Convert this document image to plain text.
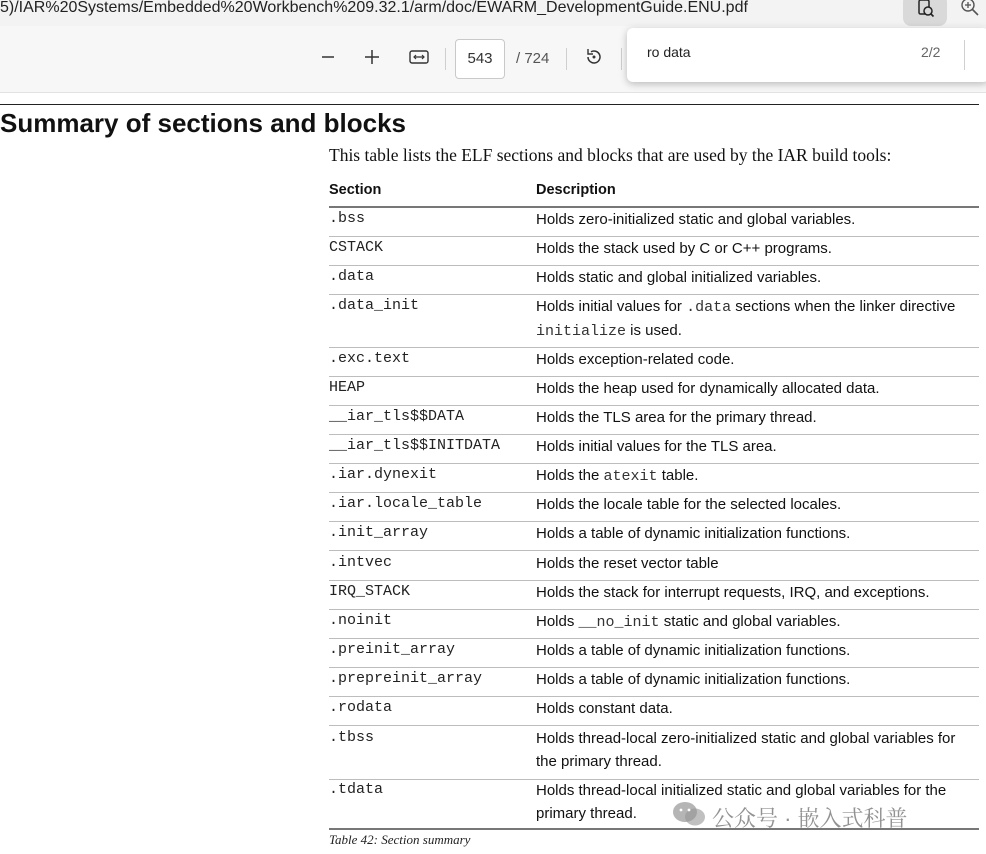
5)/IAR%20Systems/Embedded%20Workbench%209.32.1/arm/doc/EWARM_DevelopmentGuide.ENU.pdf
543	/ 724	ro data	2/2
Summary of sections and blocks
This table lists the ELF sections and blocks that are used by the IAR build tools:
Section	Description
.bss	Holds zero-initialized static and global variables.
CSTACK	Holds the stack used by C or C++ programs.
.data	Holds static and global initialized variables.
.data_init	Holds initial values for .data sections when the linker directive initialize is used.
.exc.text	Holds exception-related code.
HEAP	Holds the heap used for dynamically allocated data.
__iar_tls$$DATA	Holds the TLS area for the primary thread.
__iar_tls$$INITDATA Holds initial values for the TLS area.
.iar.dynexit	Holds the atexit table.
.iar.locale_table	Holds the locale table for the selected locales.
.init_array	Holds a table of dynamic initialization functions.
.intvec	Holds the reset vector table
IRQ_STACK	Holds the stack for interrupt requests, IRQ, and exceptions.
.noinit	Holds __no_init static and global variables.
.preinit_array	Holds a table of dynamic initialization functions.
.prepreinit_array	Holds a table of dynamic initialization functions.
.rodata	Holds constant data.
.tbss	Holds thread-local zero-initialized static and global variables for the primary thread.
.tdata	Holds thread-local initialized static and global variables for the primary thread.
Table 42: Section summary
公众号 · 嵌入式科普
